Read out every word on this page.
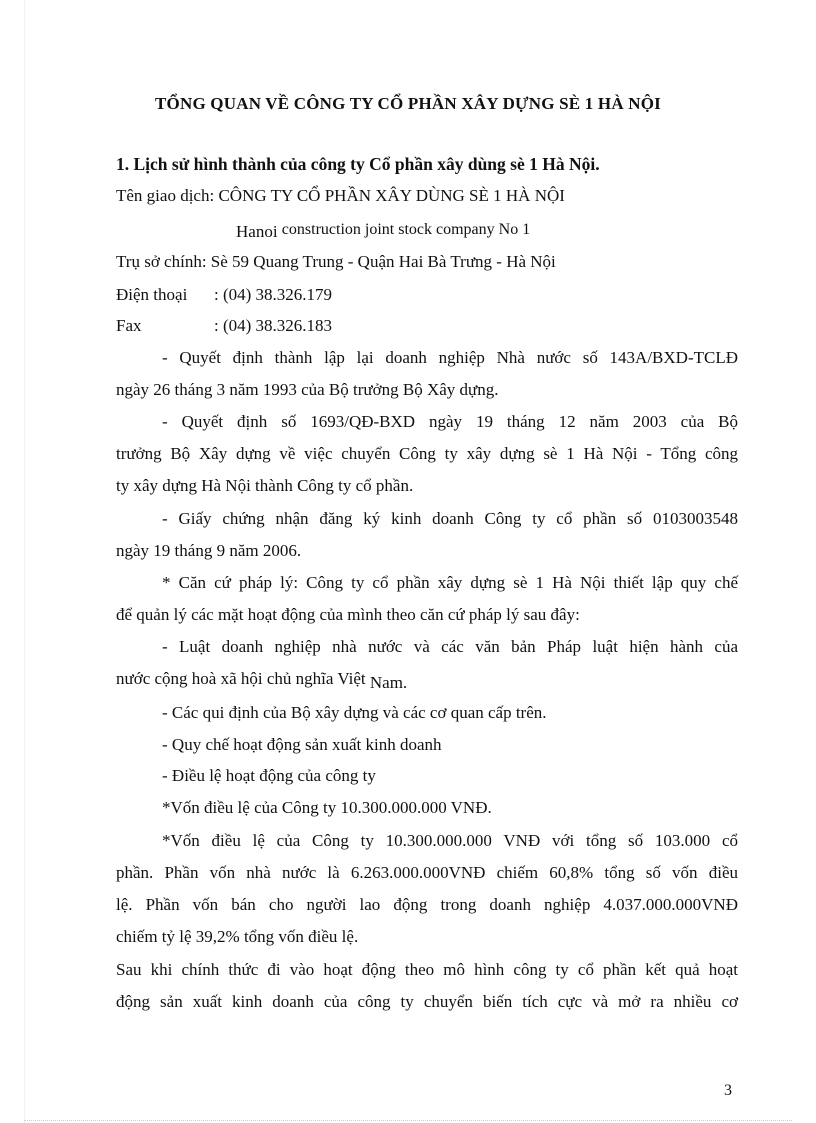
TỔNG QUAN VỀ CÔNG TY CỔ PHẦN XÂY DỰNG SÈ 1 HÀ NỘI
1. Lịch sử hình thành của công ty Cổ phần xây dùng sè 1 Hà Nội.
Tên giao dịch: CÔNG TY CỔ PHẦN XÂY DÙNG SÈ 1 HÀ NỘI
Hanoi construction joint stock company No 1
Trụ sở chính: Sè 59 Quang Trung - Quận Hai Bà Trưng - Hà Nội
Điện thoại : (04) 38.326.179
Fax	: (04) 38.326.183
- Quyết định thành lập lại doanh nghiệp Nhà nước số 143A/BXD-TCLĐ
ngày 26 tháng 3 năm 1993 của Bộ trưởng Bộ Xây dựng.
- Quyết định số 1693/QĐ-BXD ngày 19 tháng 12 năm 2003 của Bộ
trưởng Bộ Xây dựng về việc chuyển Công ty xây dựng sè 1 Hà Nội - Tổng công
ty xây dựng Hà Nội thành Công ty cổ phần.
- Giấy chứng nhận đăng ký kinh doanh Công ty cổ phần số 0103003548
ngày 19 tháng 9 năm 2006.
* Căn cứ pháp lý: Công ty cổ phần xây dựng sè 1 Hà Nội thiết lập quy chế
để quản lý các mặt hoạt động của mình theo căn cứ pháp lý sau đây:
- Luật doanh nghiệp nhà nước và các văn bản Pháp luật hiện hành của
nước cộng hoà xã hội chủ nghĩa Việt Nam.
- Các qui định của Bộ xây dựng và các cơ quan cấp trên.
- Quy chế hoạt động sản xuất kinh doanh
- Điều lệ hoạt động của công ty
*Vốn điều lệ của Công ty 10.300.000.000 VNĐ.
*Vốn điều lệ của Công ty 10.300.000.000 VNĐ với tổng số 103.000 cổ
phần. Phần vốn nhà nước là 6.263.000.000VNĐ chiếm 60,8% tổng số vốn điều
lệ. Phần vốn bán cho người lao động trong doanh nghiệp 4.037.000.000VNĐ
chiếm tỷ lệ 39,2% tổng vốn điều lệ.
Sau khi chính thức đi vào hoạt động theo mô hình công ty cổ phần kết quả hoạt
động sản xuất kinh doanh của công ty chuyển biến tích cực và mở ra nhiều cơ
3
